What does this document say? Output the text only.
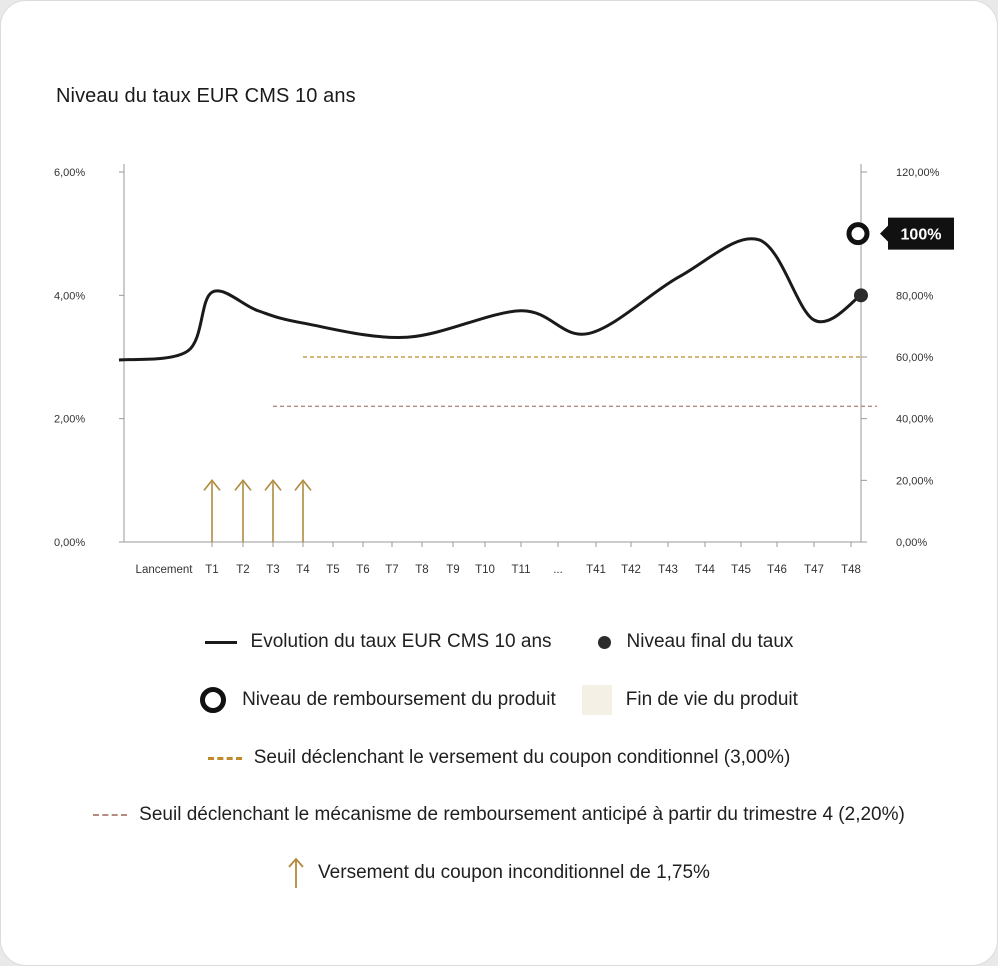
Niveau du taux EUR CMS 10 ans
0,00%
2,00%
4,00%
6,00%
0,00%
20,00%
40,00%
60,00%
80,00%
120,00%
Lancement T1 T2 T3 T4 T5 T6 T7 T8 T9 T10 T11 ... T41 T42 T43 T44 T45 T46 T47 T48
100%
Evolution du taux EUR CMS 10 ans	Niveau final du taux
Niveau de remboursement du produit	Fin de vie du produit
Seuil déclenchant le versement du coupon conditionnel (3,00%)
Seuil déclenchant le mécanisme de remboursement anticipé à partir du trimestre 4 (2,20%)
Versement du coupon inconditionnel de 1,75%
